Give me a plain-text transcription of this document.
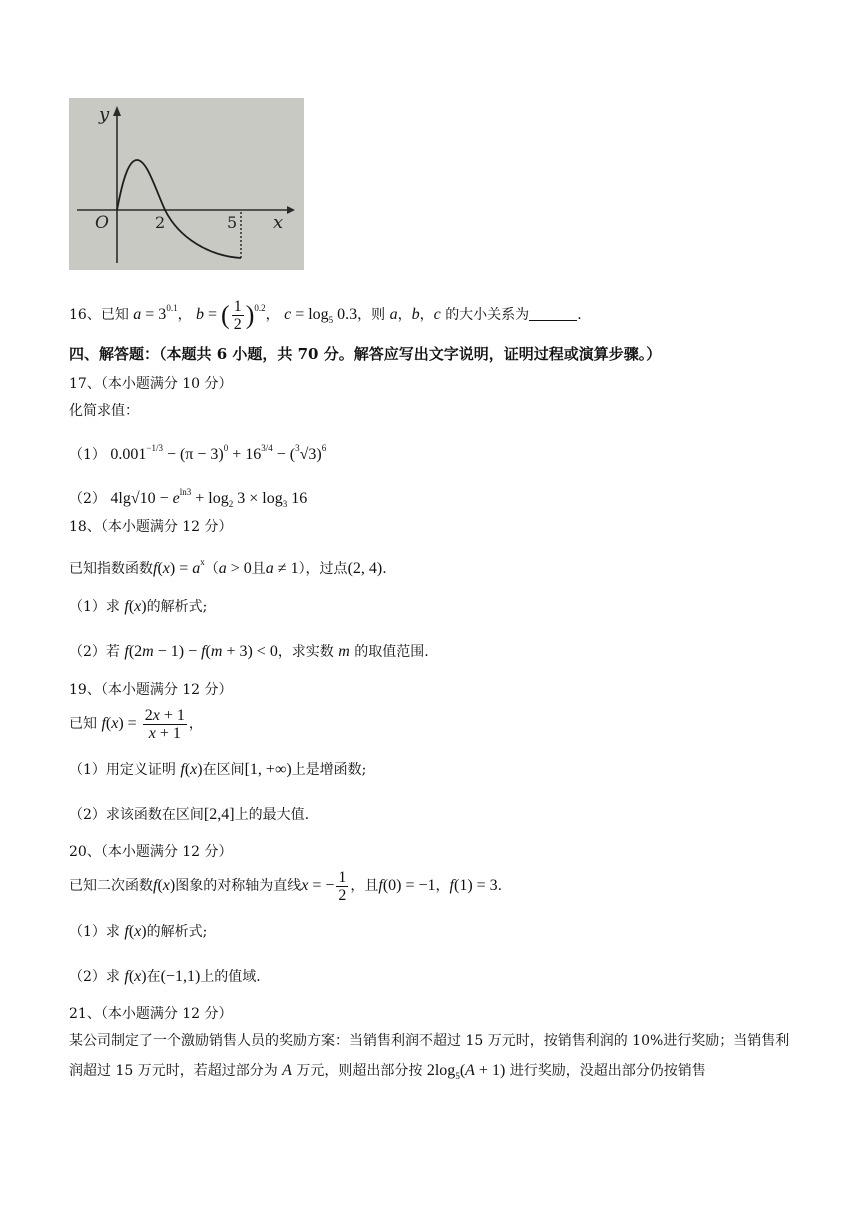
y
x
O	2	5
16、已知 $a = 3^{0.1}$， b = ( $\frac{1}{2} )^{0.2}$， $c = \log_5 0.3$，则 a，b，c 的大小关系为	.
四、解答题：（本题共 6 小题，共 70 分。解答应写出文字说明，证明过程或演算步骤。）
17、（本小题满分 10 分）
化简求值：
（1） $0.001^{-1/3} - (\pi - 3)^0 + 16^{3/4} - (^3√3)^6$
（2） $4\lg√10 - e^{ln3} + \log_2 3 \times \log_3 16$
18、（本小题满分 12 分）
已知指数函数$f(x) = a^x(a > 0$且a ≠ 1），过点(2, 4).
（1）求 f(x)的解析式;
（2）若 f(2m − 1) − f(m + 3) < 0，求实数 m 的取值范围.
19、（本小题满分 12 分）
已知 $f(x) = \frac{2x + 1}{x + 1}$ ，
（1）用定义证明 f(x)在区间[1, +∞)上是增函数;
（2）求该函数在区间[2,4]上的最大值.
20、（本小题满分 12 分）
已知二次函数f(x)图象的对称轴为直线x = − $\frac{1}{2}$ ，且f(0) = −1，f(1) = 3.
（1）求 f(x)的解析式;
（2）求 f(x)在(−1,1)上的值域.
21、（本小题满分 12 分）
某公司制定了一个激励销售人员的奖励方案：当销售利润不超过 15 万元时，按销售利润的 10%进行奖励；当销售利润超过 15 万元时，若超过部分为 A 万元，则超出部分按 $2\log_5(A + 1)$ 进行奖励，没超出部分仍按销售
